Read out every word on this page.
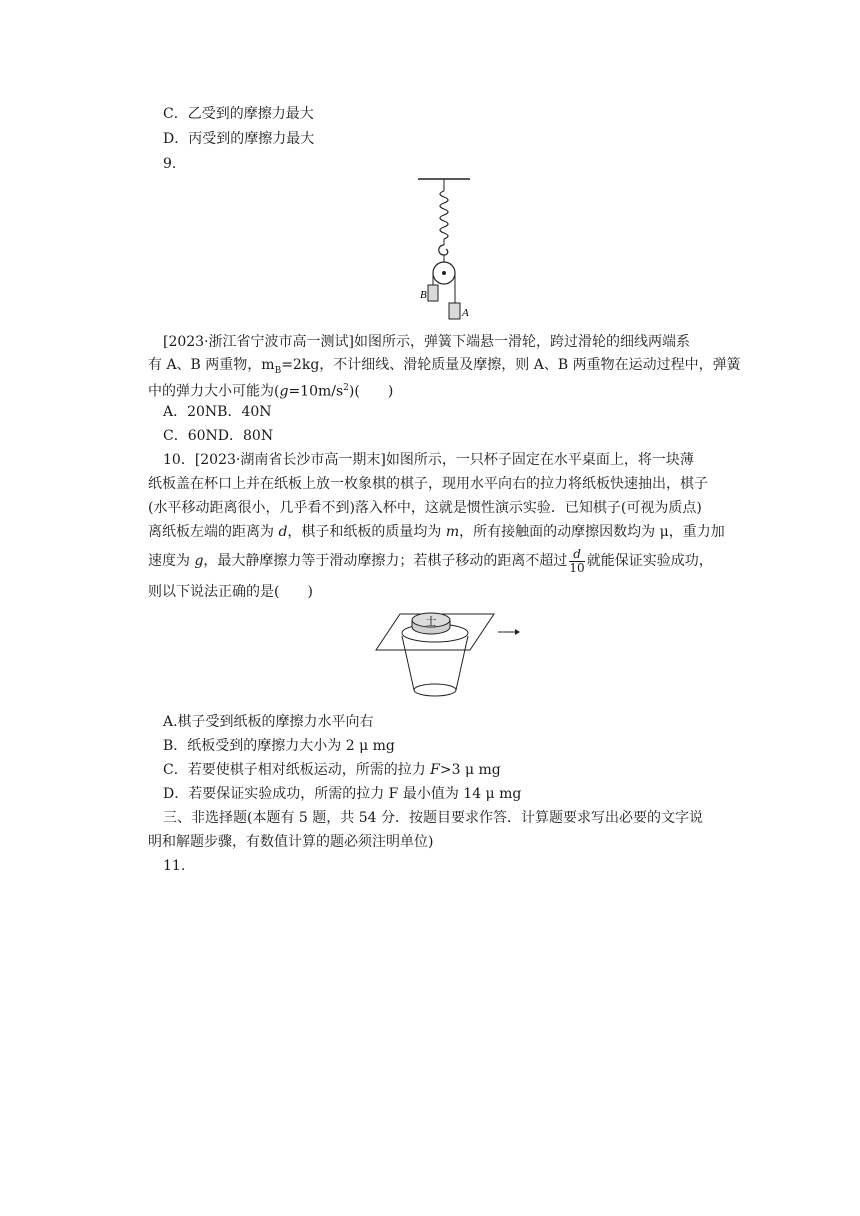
C．乙受到的摩擦力最大
D．丙受到的摩擦力最大
9.
B
A
[2023·浙江省宁波市高一测试]如图所示，弹簧下端悬一滑轮，跨过滑轮的细线两端系
有 A、B 两重物，$m_B=2kg$，不计细线、滑轮质量及摩擦，则 A、B 两重物在运动过程中，弹簧
中的弹力大小可能为$(g=10m/s^2)$(　　)
A．20NB．40N
C．60ND．80N
10．[2023·湖南省长沙市高一期末]如图所示，一只杯子固定在水平桌面上，将一块薄
纸板盖在杯口上并在纸板上放一枚象棋的棋子，现用水平向右的拉力将纸板快速抽出，棋子
(水平移动距离很小，几乎看不到)落入杯中，这就是惯性演示实验．已知棋子(可视为质点)
离纸板左端的距离为 d，棋子和纸板的质量均为 m，所有接触面的动摩擦因数均为 μ，重力加
速度为 g，最大静摩擦力等于滑动摩擦力；若棋子移动的距离不超过 $\frac{d}{10}$ 就能保证实验成功，
则以下说法正确的是(　　)
士
A.棋子受到纸板的摩擦力水平向右
B．纸板受到的摩擦力大小为 2 μ mg
C．若要使棋子相对纸板运动，所需的拉力 F>3 μ mg
D．若要保证实验成功，所需的拉力 F 最小值为 14 μ mg
三、非选择题(本题有 5 题，共 54 分．按题目要求作答．计算题要求写出必要的文字说
明和解题步骤，有数值计算的题必须注明单位)
11.
